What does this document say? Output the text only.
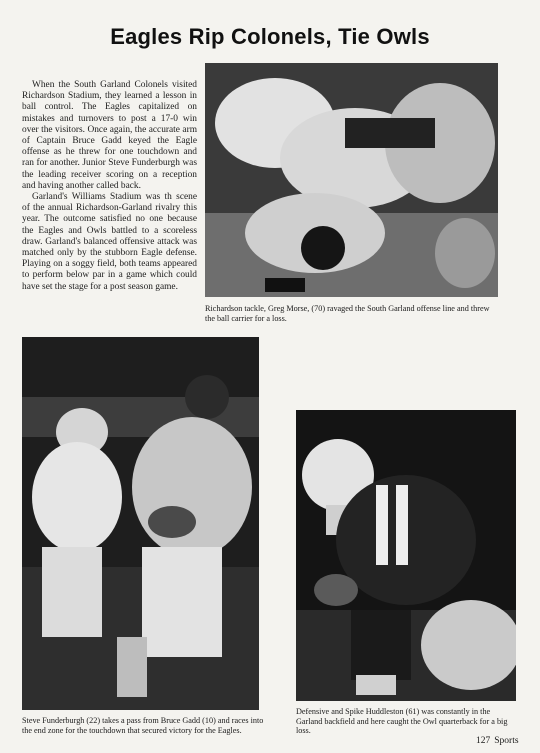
Eagles Rip Colonels, Tie Owls

When the South Garland Colonels visited Richardson Stadium, they learned a lesson in ball control. The Eagles capitalized on mistakes and turnovers to post a 17-0 win over the visitors. Once again, the accurate arm of Captain Bruce Gadd keyed the Eagle offense as he threw for one touchdown and ran for another. Junior Steve Funderburgh was the leading receiver scoring on a reception and having another called back.

Garland's Williams Stadium was th scene of the annual Richardson-Garland rivalry this year. The outcome satisfied no one because the Eagles and Owls battled to a scoreless draw. Garland's balanced offensive attack was matched only by the stubborn Eagle defense. Playing on a soggy field, both teams appeared to perform below par in a game which could have set the stage for a post season game.

Richardson tackle, Greg Morse, (70) ravaged the South Garland offense line and threw the ball carrier for a loss.
Steve Funderburgh (22) takes a pass from Bruce Gadd (10) and races into the end zone for the touchdown that secured victory for the Eagles.
Defensive and Spike Huddleston (61) was constantly in the Garland backfield and here caught the Owl quarterback for a big loss.
127 Sports
